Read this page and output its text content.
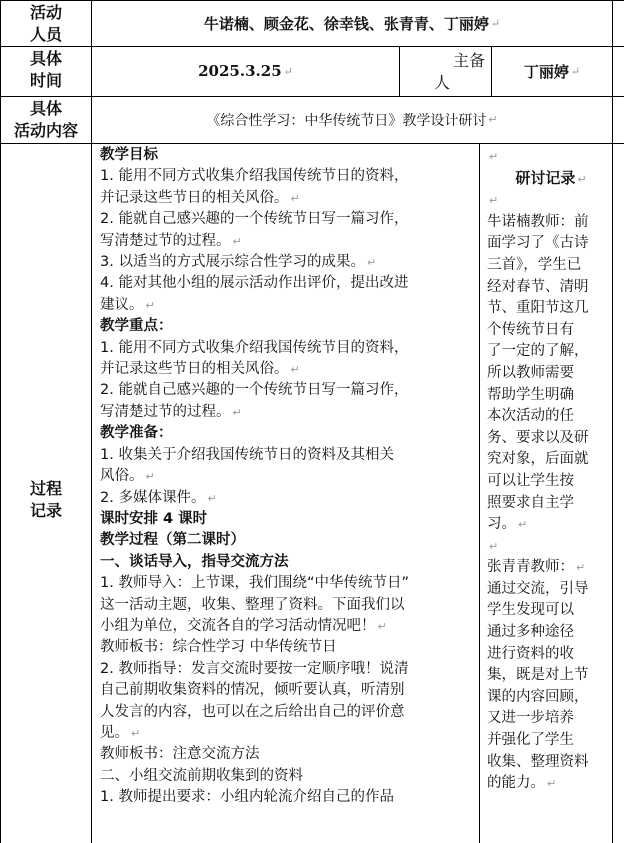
活动
人员
牛诺楠、顾金花、徐幸钱、张青青、丁丽婷 ↵
具体
时间	2025.3.25 ↵
主备
人
丁丽婷 ↵
具体
活动内容
《综合性学习：中华传统节日》教学设计研讨 ↵
过程
记录

教学目标

1. 能用不同方式收集介绍我国传统节日的资料，

并记录这些节日的相关风俗。 ↵

2. 能就自己感兴趣的一个传统节日写一篇习作，

写清楚过节的过程。 ↵

3. 以适当的方式展示综合性学习的成果。 ↵

4. 能对其他小组的展示活动作出评价，提出改进

建议。 ↵

教学重点：

1. 能用不同方式收集介绍我国传统节目的资料，

并记录这些节日的相关风俗。 ↵

2. 能就自己感兴趣的一个传统节日写一篇习作，

写清楚过节的过程。 ↵

教学准备：

1. 收集关于介绍我国传统节日的资料及其相关

风俗。 ↵

2. 多媒体课件。 ↵

课时安排 4 课时

教学过程（第二课时）

一、谈话导入，指导交流方法

1. 教师导入：上节课，我们围绕“中华传统节日”

这一活动主题，收集、整理了资料。下面我们以

小组为单位，交流各自的学习活动情况吧！ ↵

教师板书：综合性学习 中华传统节日

2. 教师指导：发言交流时要按一定顺序哦！说清

自己前期收集资料的情况，倾听要认真，听清别

人发言的内容，也可以在之后给出自己的评价意

见。 ↵

教师板书：注意交流方法

二、小组交流前期收集到的资料

1. 教师提出要求：小组内轮流介绍自己的作品

↵

研讨记录 ↵

↵

牛诺楠教师：前

面学习了《古诗

三首》，学生已

经对春节、清明

节、重阳节这几

个传统节日有

了一定的了解，

所以教师需要

帮助学生明确

本次活动的任

务、要求以及研

究对象，后面就

可以让学生按

照要求自主学

习。 ↵

↵

张青青教师： ↵

通过交流，引导

学生发现可以

通过多种途径

进行资料的收

集，既是对上节

课的内容回顾，

又进一步培养

并强化了学生

收集、整理资料

的能力。 ↵
